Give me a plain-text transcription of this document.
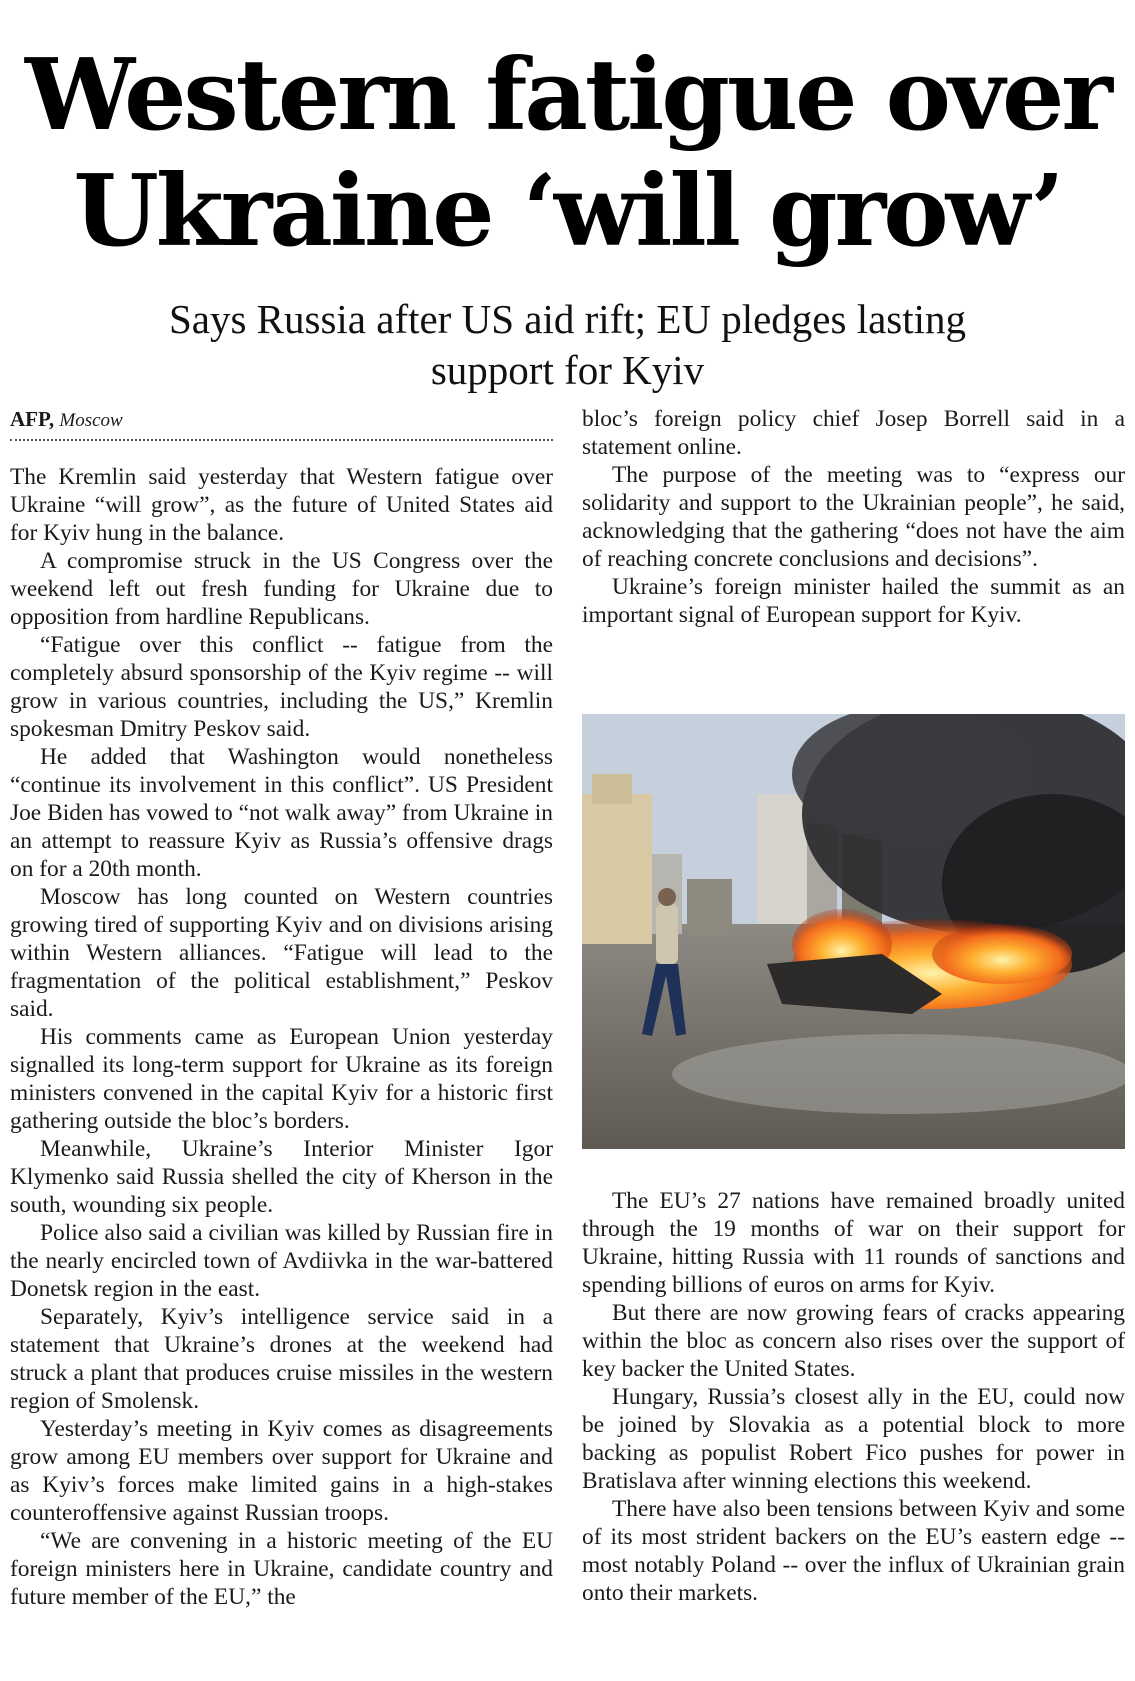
Western fatigue over
Ukraine ‘will grow’
Says Russia after US aid rift; EU pledges lasting
support for Kyiv
AFP, Moscow

The Kremlin said yesterday that Western fatigue over Ukraine “will grow”, as the future of United States aid for Kyiv hung in the balance.

A compromise struck in the US Congress over the weekend left out fresh funding for Ukraine due to opposition from hardline Republicans.

“Fatigue over this conflict -- fatigue from the completely absurd sponsorship of the Kyiv regime -- will grow in various countries, including the US,” Kremlin spokesman Dmitry Peskov said.

He added that Washington would nonetheless “continue its involvement in this conflict”. US President Joe Biden has vowed to “not walk away” from Ukraine in an attempt to reassure Kyiv as Russia’s offensive drags on for a 20th month.

Moscow has long counted on Western countries growing tired of supporting Kyiv and on divisions arising within Western alliances. “Fatigue will lead to the fragmentation of the political establishment,” Peskov said.

His comments came as European Union yesterday signalled its long-term support for Ukraine as its foreign ministers convened in the capital Kyiv for a historic first gathering outside the bloc’s borders.

Meanwhile, Ukraine’s Interior Minister Igor Klymenko said Russia shelled the city of Kherson in the south, wounding six people.

Police also said a civilian was killed by Russian fire in the nearly encircled town of Avdiivka in the war-battered Donetsk region in the east.

Separately, Kyiv’s intelligence service said in a statement that Ukraine’s drones at the weekend had struck a plant that produces cruise missiles in the western region of Smolensk.

Yesterday’s meeting in Kyiv comes as disagreements grow among EU members over support for Ukraine and as Kyiv’s forces make limited gains in a high-stakes counteroffensive against Russian troops.

“We are convening in a historic meeting of the EU foreign ministers here in Ukraine, candidate country and future member of the EU,” the

bloc’s foreign policy chief Josep Borrell said in a statement online.

The purpose of the meeting was to “express our solidarity and support to the Ukrainian people”, he said, acknowledging that the gathering “does not have the aim of reaching concrete conclusions and decisions”.

Ukraine’s foreign minister hailed the summit as an important signal of European support for Kyiv.

The EU’s 27 nations have remained broadly united through the 19 months of war on their support for Ukraine, hitting Russia with 11 rounds of sanctions and spending billions of euros on arms for Kyiv.

But there are now growing fears of cracks appearing within the bloc as concern also rises over the support of key backer the United States.

Hungary, Russia’s closest ally in the EU, could now be joined by Slovakia as a potential block to more backing as populist Robert Fico pushes for power in Bratislava after winning elections this weekend.

There have also been tensions between Kyiv and some of its most strident backers on the EU’s eastern edge -- most notably Poland -- over the influx of Ukrainian grain onto their markets.
